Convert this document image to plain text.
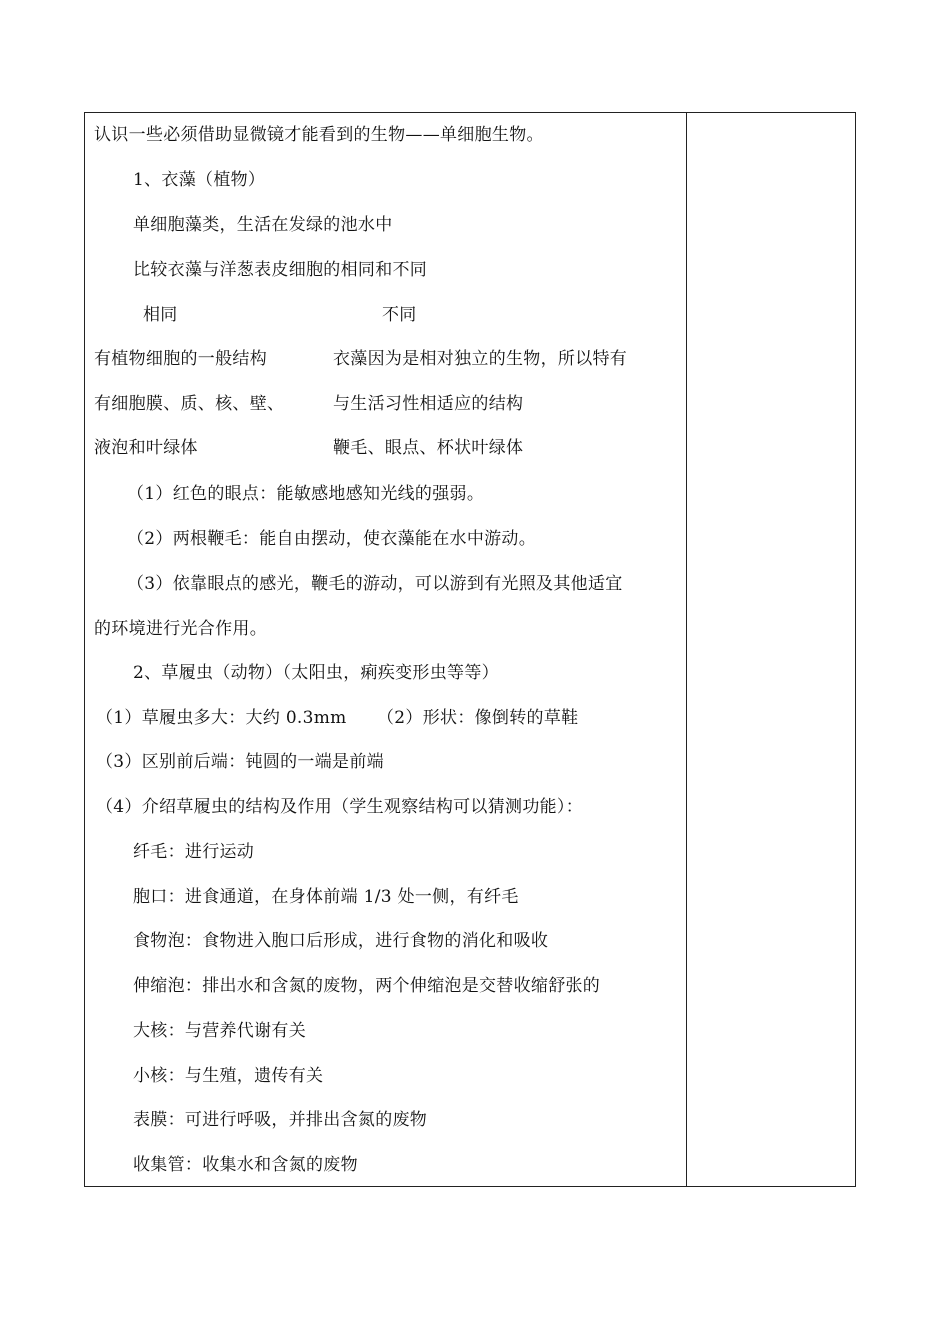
认识一些必须借助显微镜才能看到的生物——单细胞生物。
1、衣藻（植物）
单细胞藻类，生活在发绿的池水中
比较衣藻与洋葱表皮细胞的相同和不同
相同	不同
有植物细胞的一般结构	衣藻因为是相对独立的生物，所以特有
有细胞膜、质、核、壁、	与生活习性相适应的结构
液泡和叶绿体	鞭毛、眼点、杯状叶绿体
（1）红色的眼点：能敏感地感知光线的强弱。
（2）两根鞭毛：能自由摆动，使衣藻能在水中游动。
（3）依靠眼点的感光，鞭毛的游动，可以游到有光照及其他适宜
的环境进行光合作用。
2、草履虫（动物）（太阳虫，痢疾变形虫等等）
（1）草履虫多大：大约 0.3mm （2）形状：像倒转的草鞋
（3）区别前后端：钝圆的一端是前端
（4）介绍草履虫的结构及作用（学生观察结构可以猜测功能）：
纤毛：进行运动
胞口：进食通道，在身体前端 1/3 处一侧，有纤毛
食物泡：食物进入胞口后形成，进行食物的消化和吸收
伸缩泡：排出水和含氮的废物，两个伸缩泡是交替收缩舒张的
大核：与营养代谢有关
小核：与生殖，遗传有关
表膜：可进行呼吸，并排出含氮的废物
收集管：收集水和含氮的废物
